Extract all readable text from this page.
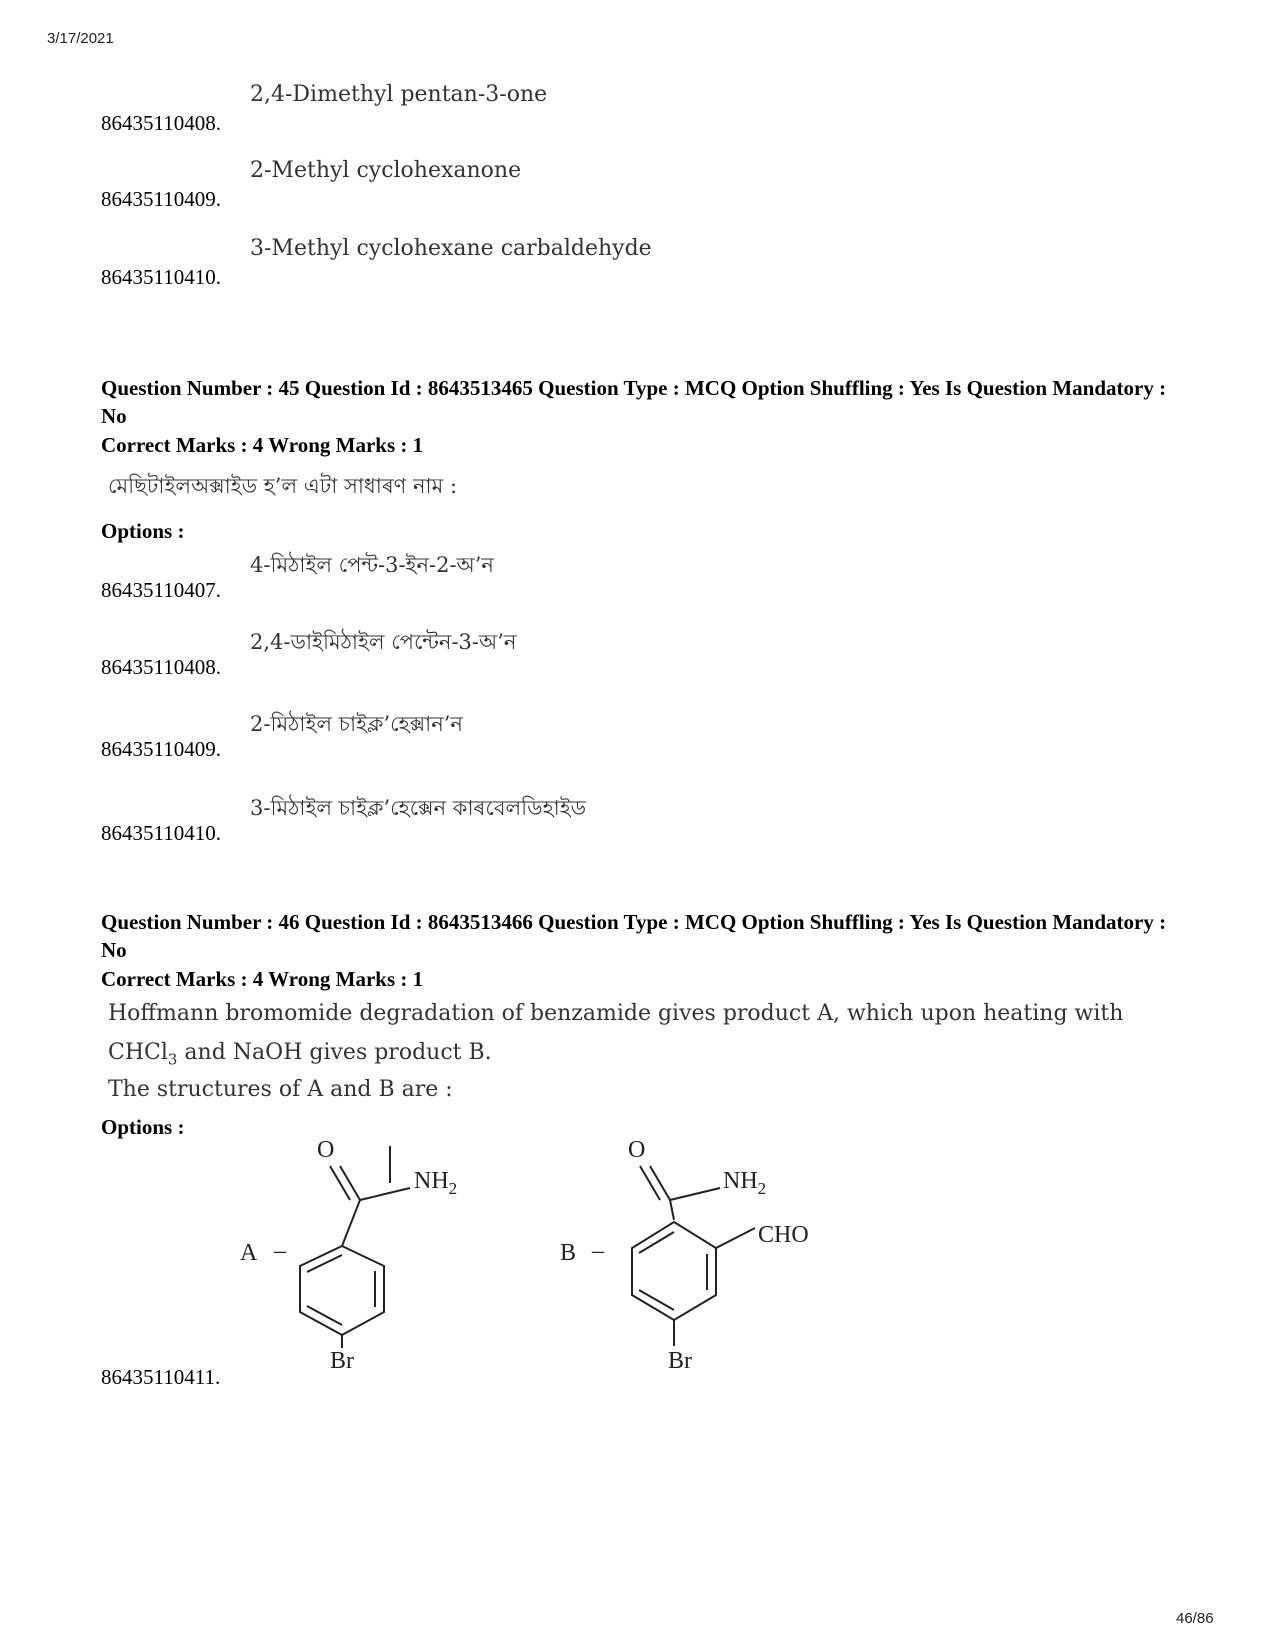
3/17/2021
86435110408.
2,4-Dimethyl pentan-3-one
86435110409.
2-Methyl cyclohexanone
86435110410.
3-Methyl cyclohexane carbaldehyde
Question Number : 45 Question Id : 8643513465 Question Type : MCQ Option Shuffling : Yes Is Question Mandatory : No
Correct Marks : 4 Wrong Marks : 1
মেছিটাইলঅক্সাইড হ’ল এটা সাধাৰণ নাম :
Options :
86435110407.
4-মিঠাইল পেন্ট-3-ইন-2-অ’ন
86435110408.
2,4-ডাইমিঠাইল পেন্টেন-3-অ’ন
86435110409.
2-মিঠাইল চাইক্ল’হেক্সান’ন
86435110410.
3-মিঠাইল চাইক্ল’হেক্সেন কাৰবেলডিহাইড
Question Number : 46 Question Id : 8643513466 Question Type : MCQ Option Shuffling : Yes Is Question Mandatory : No
Correct Marks : 4 Wrong Marks : 1
Hoffmann bromomide degradation of benzamide gives product A, which upon heating with
CHCl$_3$ and NaOH gives product B.
The structures of A and B are :
Options :
O
$NH_2$
Br
A –
O
$NH_2$
CHO
Br
B –
86435110411.
46/86
